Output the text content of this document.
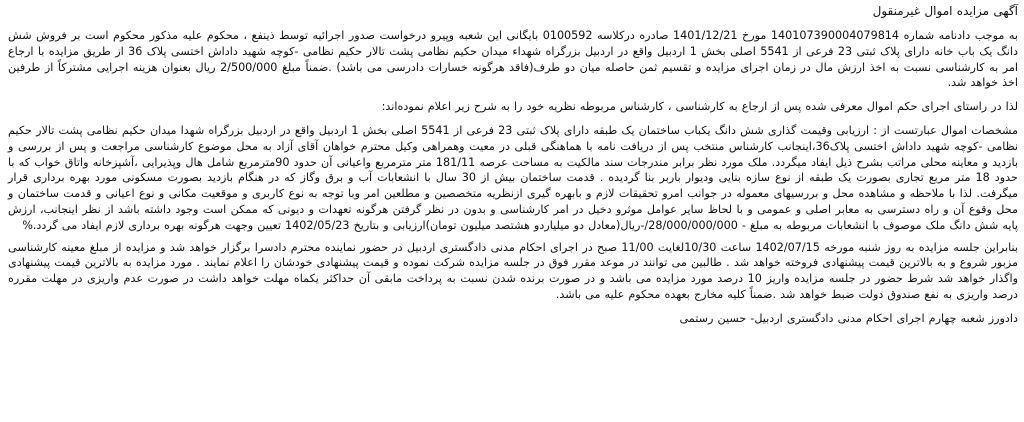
آگهی مزایده اموال غیرمنقول
به موجب دادنامه شماره 140107390004079814 مورخ 1401/12/21 صادره درکلاسه 0100592 بایگانی این شعبه وپیرو درخواست صدور اجرائیه توسط ذینفع ، محکوم علیه مذکور محکوم است بر فروش شش دانگ یک باب خانه دارای پلاک ثبتی 23 فرعی از 5541 اصلی بخش 1 اردبیل واقع در اردبیل بزرگراه شهداء میدان حکیم نظامی پشت تالار حکیم نظامی -کوچه شهید داداش اختسی پلاک 36 از طریق مزایده با ارجاع امر به کارشناسی نسبت به اخذ ارزش مال در زمان اجرای مزایده و تقسیم ثمن حاصله میان دو طرف(فاقد هرگونه خسارات دادرسی می باشد) .ضمناً مبلغ 2/500/000 ریال بعنوان هزینه اجرایی مشترکاً از طرفین اخذ خواهد شد.
لذا در راستای اجرای حکم اموال معرفی شده پس از ارجاع به کارشناسی ، کارشناس مربوطه نظریه خود را به شرح زیر اعلام نموده‌اند:
مشخصات اموال عبارتست از : ارزیابی وقیمت گذاری شش دانگ یکباب ساختمان یک طبقه دارای پلاک ثبتی 23 فرعی از 5541 اصلی بخش 1 اردبیل واقع در اردبیل بزرگراه شهدا میدان حکیم نظامی پشت تالار حکیم نظامی -کوچه شهید داداش اختسی پلاک36،اینجانب کارشناس منتخب پس از دریافت نامه با هماهنگی قبلی در معیت وهمراهی وکیل محترم خواهان آقای آزاد به محل موضوع کارشناسی مراجعت و پس از بررسی و بازدید و معاینه محلی مراتب بشرح ذیل ایفاد میگردد. ملک مورد نظر برابر مندرجات سند مالکیت به مساحت عرصه 181/11 متر مترمربع واعیانی آن حدود 90مترمربع شامل هال وپذیرایی ،آشپزخانه واتاق خواب که با حدود 18 متر مربع تجاری بصورت یک طبقه از نوع سازه بنایی ودیوار باربر بنا گردیده . قدمت ساختمان بیش از 30 سال با انشعابات آب و برق وگاز که در هنگام بازدید بصورت مسکونی مورد بهره برداری قرار میگرفت. لذا با ملاحظه و مشاهده محل و بررسیهای معموله در جوانب امرو تحقیقات لازم و بابهره گیری ازنظریه متخصصین و مطلعین امر وبا توجه به نوع کاربری و موقعیت مکانی و نوع اعیانی و قدمت ساختمان و محل وقوع آن و راه دسترسی به معابر اصلی و عمومی و با لحاظ سایر عوامل موثرو دخیل در امر کارشناسی و بدون در نظر گرفتن هرگونه تعهدات و دیونی که ممکن است وجود داشته باشد از نظر اینجانب، ارزش پایه شش دانگ ملک موصوف با انشعابات مربوطه به مبلغ - 28/000/000/000/-ریال(معادل دو میلیاردو هشتصد میلیون تومان)ارزیابی و بتاریخ 1402/05/23 تعیین وجهت هرگونه بهره برداری لازم ایفاد می گردد.%
بنابراین جلسه مزایده به روز شنبه مورخه 1402/07/15 ساعت 10/30لغایت 11/00 صبح در اجرای احکام مدنی دادگستری اردبیل در حضور نماینده محترم دادسرا برگزار خواهد شد و مزایده از مبلغ معینه کارشناسی مزبور شروع و به بالاترین قیمت پیشنهادی فروخته خواهد شد . طالبین می توانند در موعد مقرر فوق در جلسه مزایده شرکت نموده و قیمت پیشنهادی خودشان را اعلام نمایند . مورد مزایده به بالاترین قیمت پیشنهادی واگذار خواهد شد شرط حضور در جلسه مزایده واریز 10 درصد مورد مزایده می باشد و در صورت برنده شدن نسبت به پرداخت مابقی آن حداکثر یکماه مهلت خواهد داشت در صورت عدم واریزی در مهلت مقرره درصد واریزی به نفع صندوق دولت ضبط خواهد شد .ضمناً کلیه مخارج بعهده محکوم علیه می باشد.
دادورز شعبه چهارم اجرای احکام مدنی دادگستری اردبیل- حسین رستمی
